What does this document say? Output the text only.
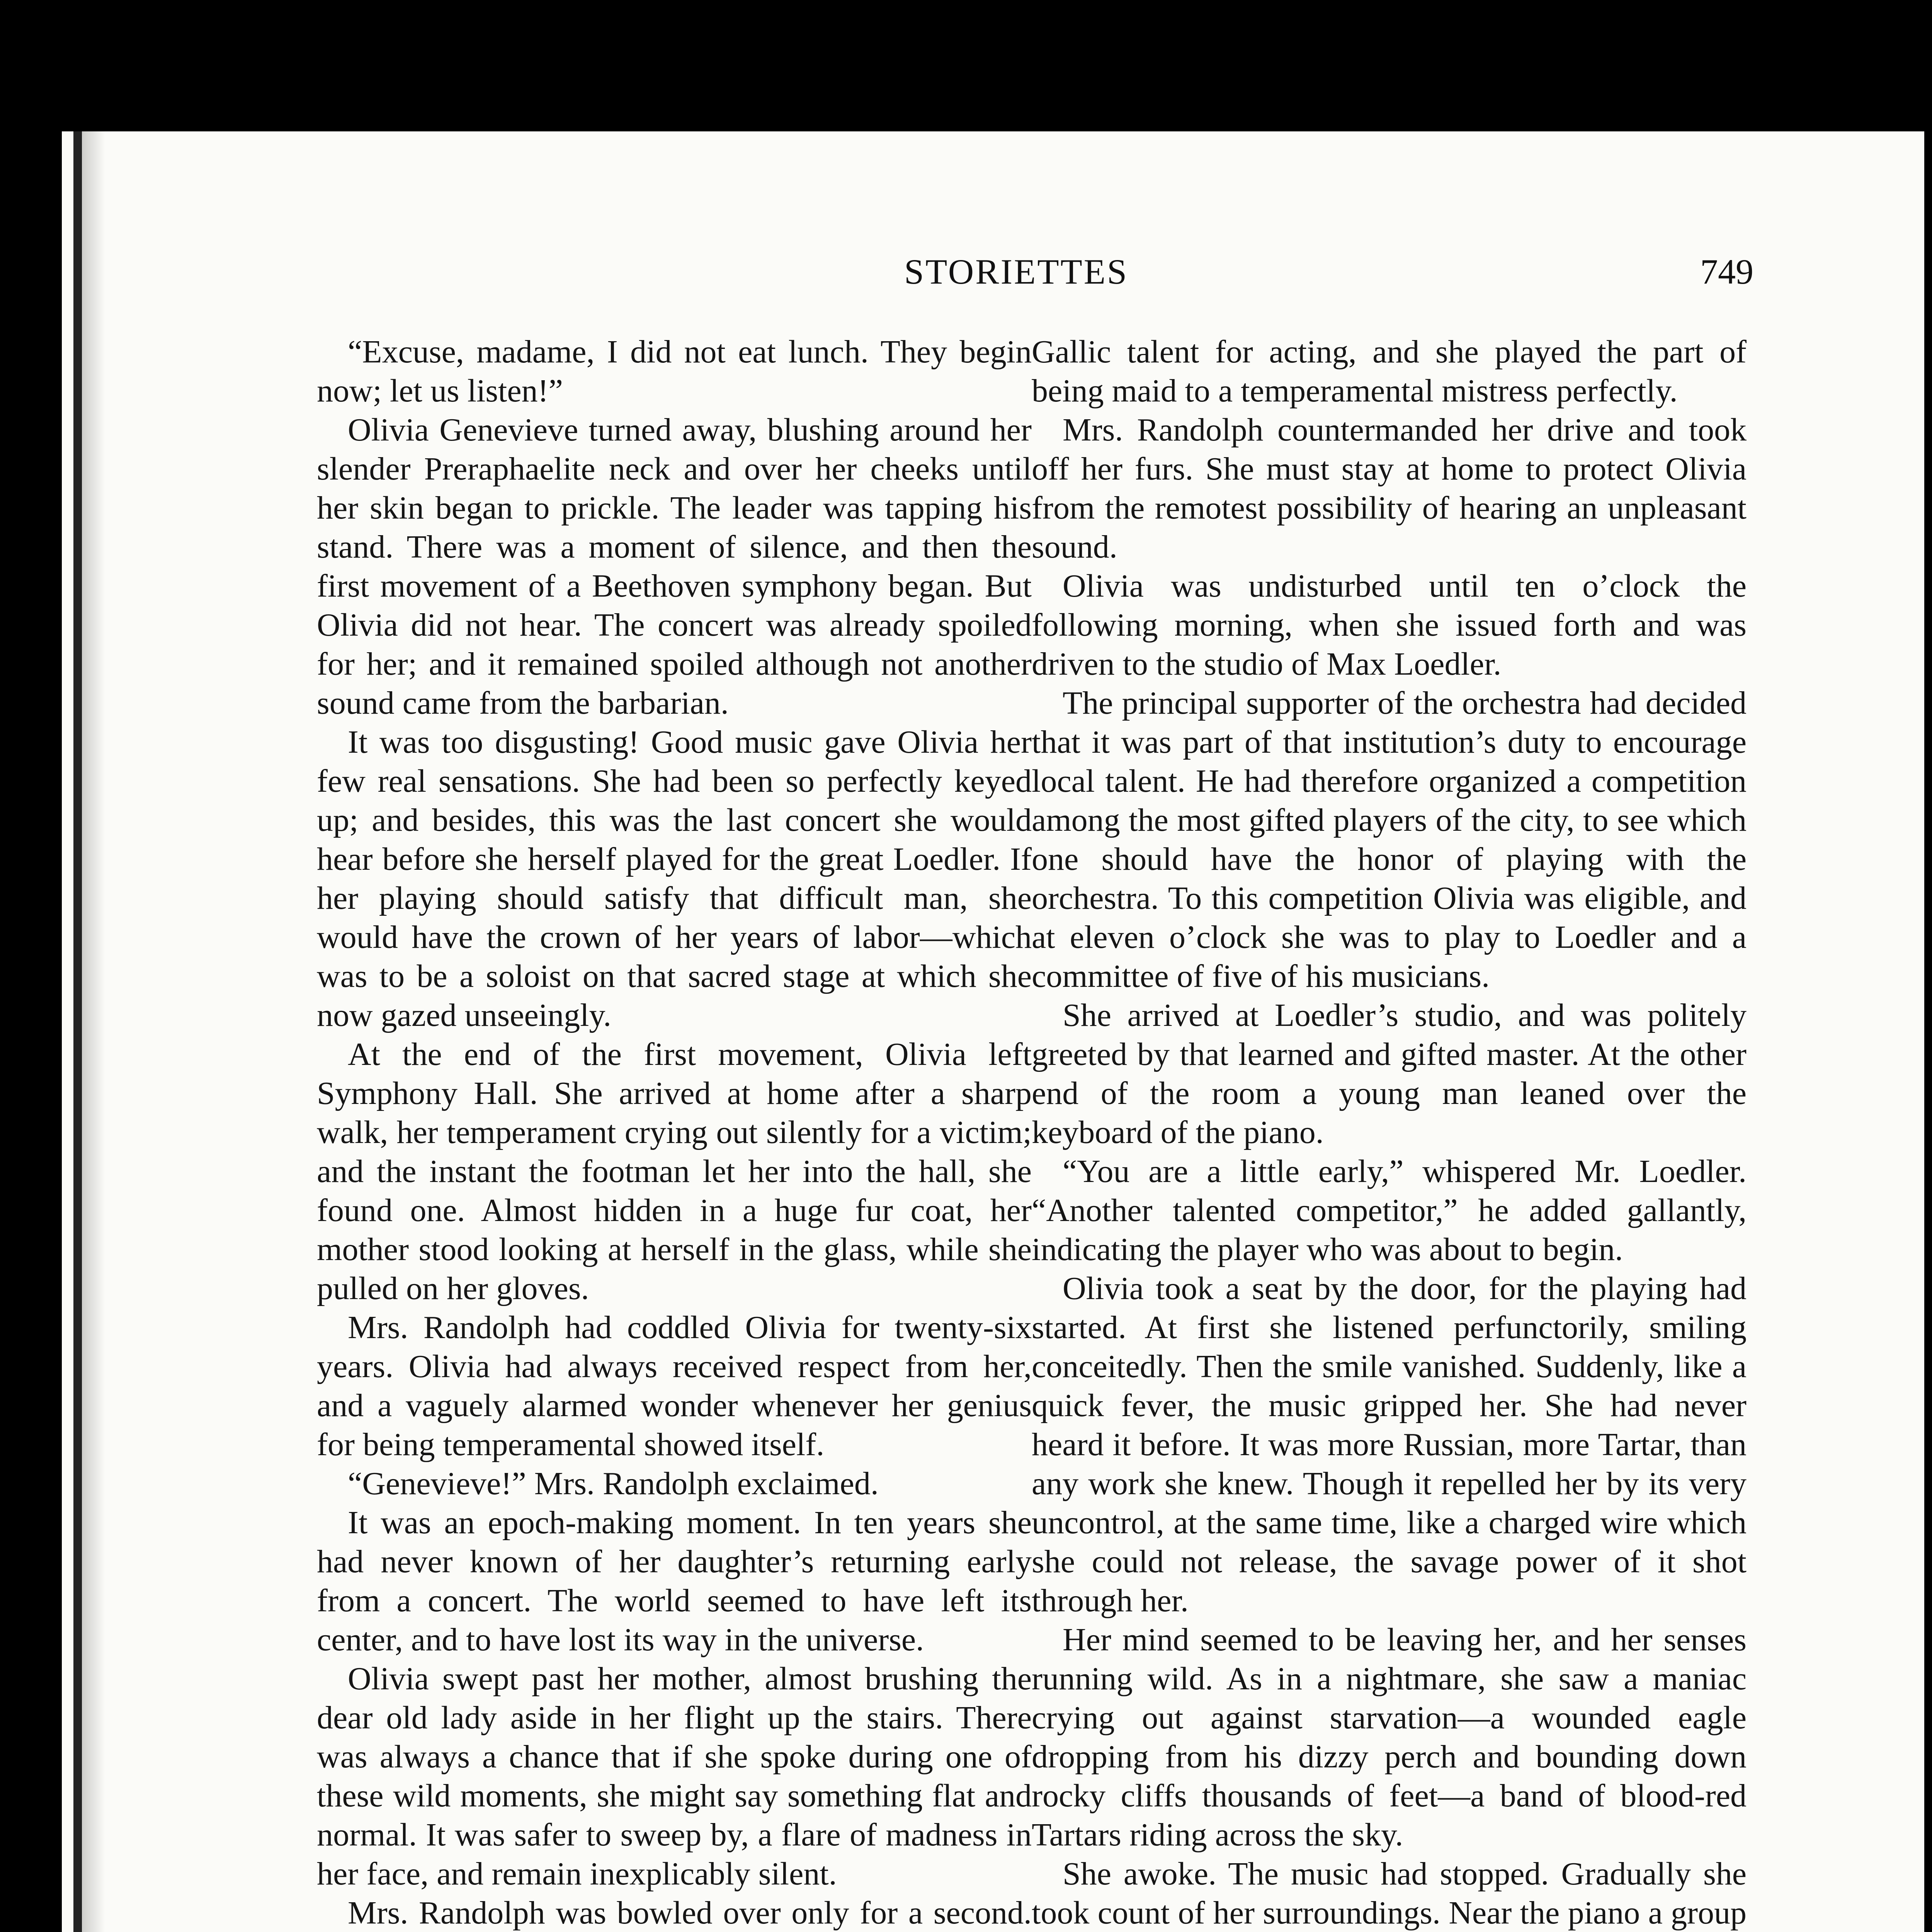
STORIETTES	749

“Excuse, madame, I did not eat lunch. They begin now; let us listen!”

Olivia Genevieve turned away, blushing around her slender Preraphaelite neck and over her cheeks until her skin began to prickle. The leader was tapping his stand. There was a moment of silence, and then the first movement of a Beethoven symphony began. But Olivia did not hear. The concert was already spoiled for her; and it remained spoiled although not another sound came from the barbarian.

It was too disgusting! Good music gave Olivia her few real sensations. She had been so perfectly keyed up; and besides, this was the last concert she would hear before she herself played for the great Loedler. If her playing should satisfy that difficult man, she would have the crown of her years of labor—which was to be a soloist on that sacred stage at which she now gazed unseeingly.

At the end of the first movement, Olivia left Symphony Hall. She arrived at home after a sharp walk, her temperament crying out silently for a victim; and the instant the footman let her into the hall, she found one. Almost hidden in a huge fur coat, her mother stood looking at herself in the glass, while she pulled on her gloves.

Mrs. Randolph had coddled Olivia for twenty-six years. Olivia had always received respect from her, and a vaguely alarmed wonder whenever her genius for being temperamental showed itself.

“Genevieve!” Mrs. Randolph exclaimed.

It was an epoch-making moment. In ten years she had never known of her daughter’s returning early from a concert. The world seemed to have left its center, and to have lost its way in the universe.

Olivia swept past her mother, almost brushing the dear old lady aside in her flight up the stairs. There was always a chance that if she spoke during one of these wild moments, she might say something flat and normal. It was safer to sweep by, a flare of madness in her face, and remain inexplicably silent.

Mrs. Randolph was bowled over only for a second.

Gallic talent for acting, and she played the part of being maid to a temperamental mistress perfectly.

Mrs. Randolph countermanded her drive and took off her furs. She must stay at home to protect Olivia from the remotest possibility of hearing an unpleasant sound.

Olivia was undisturbed until ten o’clock the following morning, when she issued forth and was driven to the studio of Max Loedler.

The principal supporter of the orchestra had decided that it was part of that institution’s duty to encourage local talent. He had therefore organized a competition among the most gifted players of the city, to see which one should have the honor of playing with the orchestra. To this competition Olivia was eligible, and at eleven o’clock she was to play to Loedler and a committee of five of his musicians.

She arrived at Loedler’s studio, and was politely greeted by that learned and gifted master. At the other end of the room a young man leaned over the keyboard of the piano.

“You are a little early,” whispered Mr. Loedler. “Another talented competitor,” he added gallantly, indicating the player who was about to begin.

Olivia took a seat by the door, for the playing had started. At first she listened perfunctorily, smiling conceitedly. Then the smile vanished. Suddenly, like a quick fever, the music gripped her. She had never heard it before. It was more Russian, more Tartar, than any work she knew. Though it repelled her by its very uncontrol, at the same time, like a charged wire which she could not release, the savage power of it shot through her.

Her mind seemed to be leaving her, and her senses running wild. As in a nightmare, she saw a maniac crying out against starvation—a wounded eagle dropping from his dizzy perch and bounding down rocky cliffs thousands of feet—a band of blood-red Tartars riding across the sky.

She awoke. The music had stopped. Gradually she took count of her surroundings. Near the piano a group
